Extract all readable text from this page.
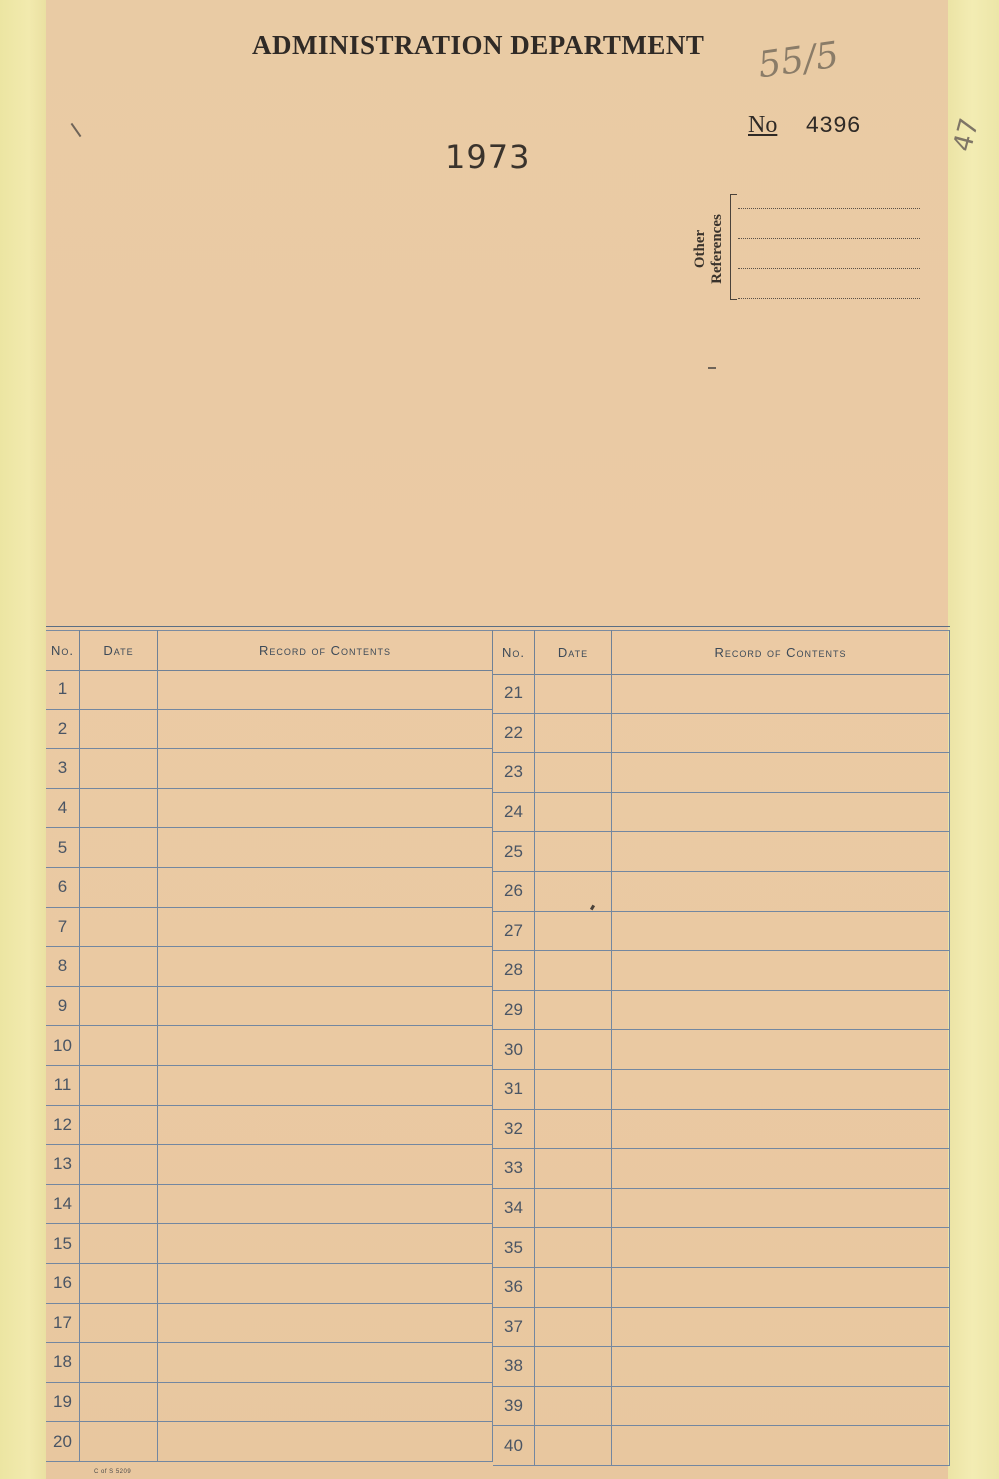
ADMINISTRATION DEPARTMENT 55/5
47
No 4396
1973
Other References
No.	Date	Record of Contents
1
2
3
4
5
6
7
8
9
10
11
12
13
14
15
16
17
18
19
20
No.	Date	Record of Contents
21
22
23
24
25
26
27
28
29
30
31
32
33
34
35
36
37
38
39
40
C of S 5209
